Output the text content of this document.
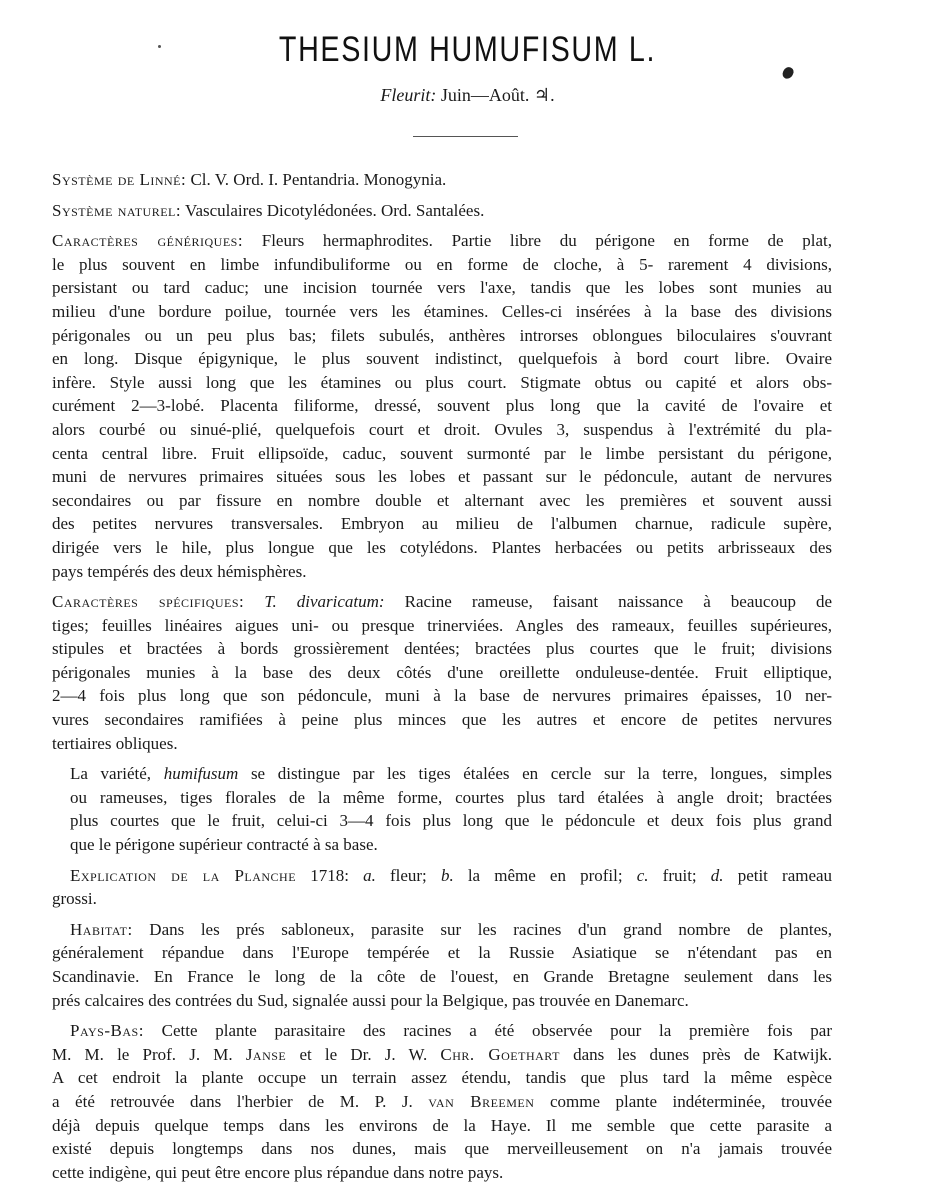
THESIUM HUMUFISUM L.
Fleurit: Juin—Août. ♃.

Système de Linné: Cl. V. Ord. I. Pentandria. Monogynia.

Système naturel: Vasculaires Dicotylédonées. Ord. Santalées.

Caractères génériques: Fleurs hermaphrodites. Partie libre du périgone en forme de plat,
le plus souvent en limbe infundibuliforme ou en forme de cloche, à 5- rarement 4 divisions,
persistant ou tard caduc; une incision tournée vers l'axe, tandis que les lobes sont munies au
milieu d'une bordure poilue, tournée vers les étamines. Celles-ci insérées à la base des divisions
périgonales ou un peu plus bas; filets subulés, anthères introrses oblongues biloculaires s'ouvrant
en long. Disque épigynique, le plus souvent indistinct, quelquefois à bord court libre. Ovaire
infère. Style aussi long que les étamines ou plus court. Stigmate obtus ou capité et alors obs-
curément 2—3-lobé. Placenta filiforme, dressé, souvent plus long que la cavité de l'ovaire et
alors courbé ou sinué-plié, quelquefois court et droit. Ovules 3, suspendus à l'extrémité du pla-
centa central libre. Fruit ellipsoïde, caduc, souvent surmonté par le limbe persistant du périgone,
muni de nervures primaires situées sous les lobes et passant sur le pédoncule, autant de nervures
secondaires ou par fissure en nombre double et alternant avec les premières et souvent aussi
des petites nervures transversales. Embryon au milieu de l'albumen charnue, radicule supère,
dirigée vers le hile, plus longue que les cotylédons. Plantes herbacées ou petits arbrisseaux des
pays tempérés des deux hémisphères.

Caractères spécifiques: T. divaricatum: Racine rameuse, faisant naissance à beaucoup de
tiges; feuilles linéaires aigues uni- ou presque trinerviées. Angles des rameaux, feuilles supérieures,
stipules et bractées à bords grossièrement dentées; bractées plus courtes que le fruit; divisions
périgonales munies à la base des deux côtés d'une oreillette onduleuse-dentée. Fruit elliptique,
2—4 fois plus long que son pédoncule, muni à la base de nervures primaires épaisses, 10 ner-
vures secondaires ramifiées à peine plus minces que les autres et encore de petites nervures
tertiaires obliques.

La variété, humifusum se distingue par les tiges étalées en cercle sur la terre, longues, simples
ou rameuses, tiges florales de la même forme, courtes plus tard étalées à angle droit; bractées
plus courtes que le fruit, celui-ci 3—4 fois plus long que le pédoncule et deux fois plus grand
que le périgone supérieur contracté à sa base.

Explication de la Planche 1718: a. fleur; b. la même en profil; c. fruit; d. petit rameau
grossi.

Habitat: Dans les prés sabloneux, parasite sur les racines d'un grand nombre de plantes,
généralement répandue dans l'Europe tempérée et la Russie Asiatique se n'étendant pas en
Scandinavie. En France le long de la côte de l'ouest, en Grande Bretagne seulement dans les
prés calcaires des contrées du Sud, signalée aussi pour la Belgique, pas trouvée en Danemarc.

Pays-Bas: Cette plante parasitaire des racines a été observée pour la première fois par
M. M. le Prof. J. M. Janse et le Dr. J. W. Chr. Goethart dans les dunes près de Katwijk.
A cet endroit la plante occupe un terrain assez étendu, tandis que plus tard la même espèce
a été retrouvée dans l'herbier de M. P. J. van Breemen comme plante indéterminée, trouvée
déjà depuis quelque temps dans les environs de la Haye. Il me semble que cette parasite a
existé depuis longtemps dans nos dunes, mais que merveilleusement on n'a jamais trouvée
cette indigène, qui peut être encore plus répandue dans notre pays.
